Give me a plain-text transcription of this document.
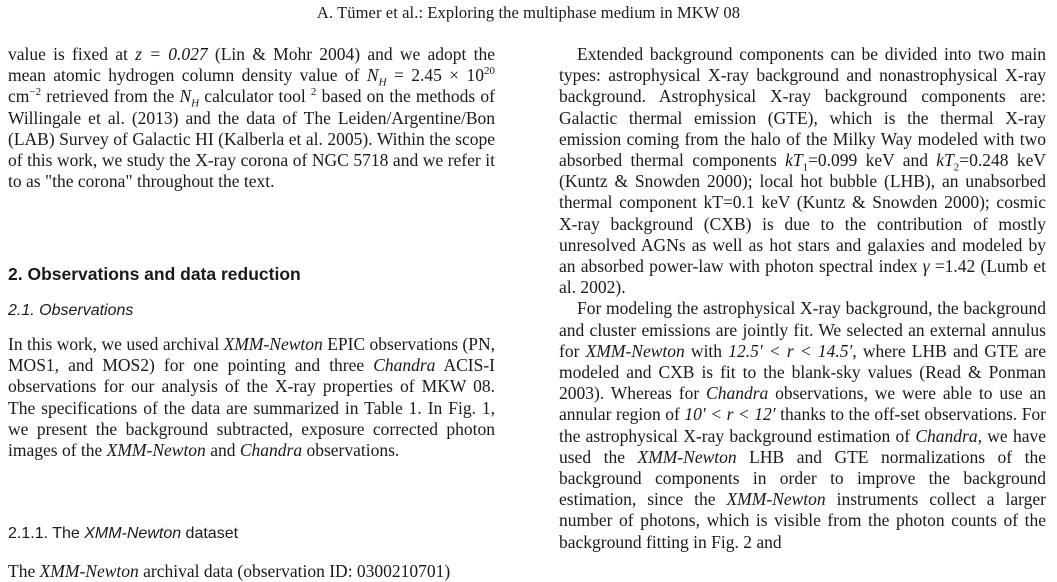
A. Tümer et al.: Exploring the multiphase medium in MKW 08

value is fixed at z = 0.027 (Lin & Mohr 2004) and we adopt the mean atomic hydrogen column density value of $N_H = 2.45 \times 10^{20}$ $cm^{-2}$ retrieved from the $N_H$ calculator tool $^2$ based on the methods of Willingale et al. (2013) and the data of The Leiden/Argentine/Bon (LAB) Survey of Galactic HI (Kalberla et al. 2005). Within the scope of this work, we study the X-ray corona of NGC 5718 and we refer it to as "the corona" throughout the text.

2. Observations and data reduction
2.1. Observations

In this work, we used archival XMM-Newton EPIC observations (PN, MOS1, and MOS2) for one pointing and three Chandra ACIS-I observations for our analysis of the X-ray properties of MKW 08. The specifications of the data are summarized in Table 1. In Fig. 1, we present the background subtracted, exposure corrected photon images of the XMM-Newton and Chandra observations.

2.1.1. The XMM-Newton dataset

The XMM-Newton archival data (observation ID: 0300210701)

Extended background components can be divided into two main types: astrophysical X-ray background and nonastrophysical X-ray background. Astrophysical X-ray background components are: Galactic thermal emission (GTE), which is the thermal X-ray emission coming from the halo of the Milky Way modeled with two absorbed thermal components $kT_1=0.099$ keV and $kT_2=0.248$ keV (Kuntz & Snowden 2000); local hot bubble (LHB), an unabsorbed thermal component kT=0.1 keV (Kuntz & Snowden 2000); cosmic X-ray background (CXB) is due to the contribution of mostly unresolved AGNs as well as hot stars and galaxies and modeled by an absorbed power-law with photon spectral index γ =1.42 (Lumb et al. 2002).

For modeling the astrophysical X-ray background, the background and cluster emissions are jointly fit. We selected an external annulus for XMM-Newton with 12.5′ < r < 14.5′, where LHB and GTE are modeled and CXB is fit to the blank-sky values (Read & Ponman 2003). Whereas for Chandra observations, we were able to use an annular region of 10′ < r < 12′ thanks to the off-set observations. For the astrophysical X-ray background estimation of Chandra, we have used the XMM-Newton LHB and GTE normalizations of the background components in order to improve the background estimation, since the XMM-Newton instruments collect a larger number of photons, which is visible from the photon counts of the background fitting in Fig. 2 and
